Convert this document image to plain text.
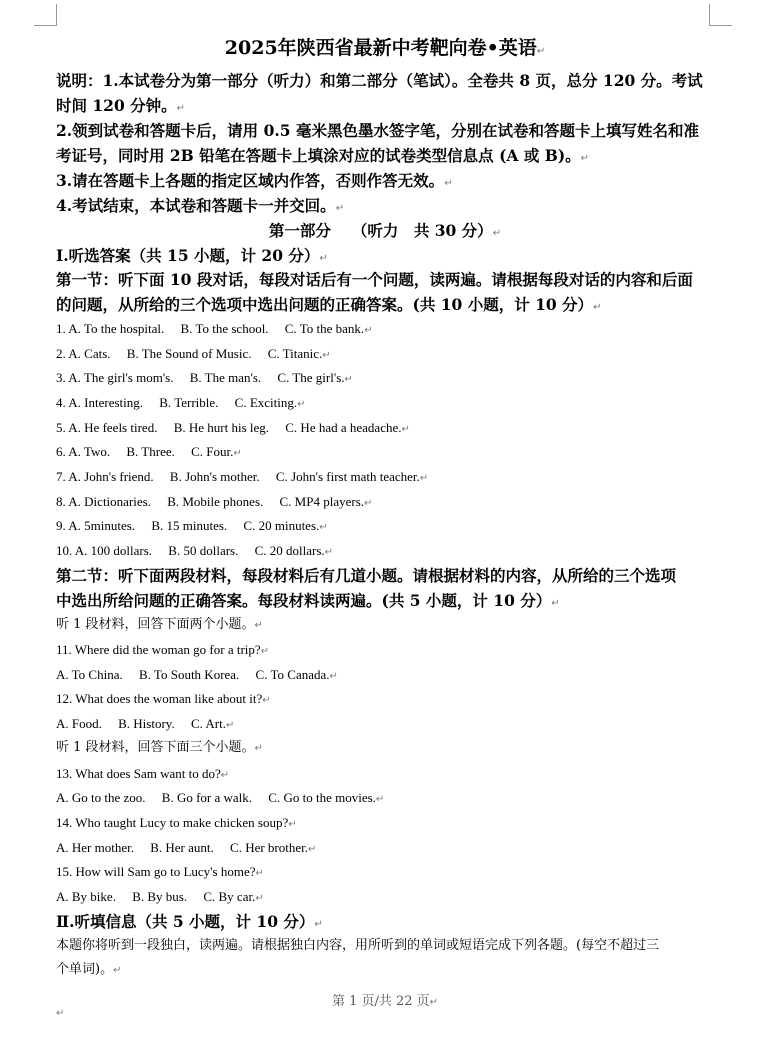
2025年陕西省最新中考靶向卷•英语↵
说明：1.本试卷分为第一部分（听力）和第二部分（笔试）。全卷共 8 页，总分 120 分。考试
时间 120 分钟。↵
2.领到试卷和答题卡后，请用 0.5 毫米黑色墨水签字笔，分别在试卷和答题卡上填写姓名和准
考证号，同时用 2B 铅笔在答题卡上填涂对应的试卷类型信息点 (A 或 B)。↵
3.请在答题卡上各题的指定区域内作答，否则作答无效。↵
4.考试结束，本试卷和答题卡一并交回。↵
第一部分　 （听力　共 30 分）↵
Ⅰ.听选答案（共 15 小题，计 20 分）↵
第一节：听下面 10 段对话，每段对话后有一个问题，读两遍。请根据每段对话的内容和后面
的问题，从所给的三个选项中选出问题的正确答案。(共 10 小题，计 10 分）↵
1. A. To the hospital.　 B. To the school.　 C. To the bank.↵
2. A. Cats.　 B. The Sound of Music.　 C. Titanic.↵
3. A. The girl's mom's.　 B. The man's.　 C. The girl's.↵
4. A. Interesting.　 B. Terrible.　 C. Exciting.↵
5. A. He feels tired.　 B. He hurt his leg.　 C. He had a headache.↵
6. A. Two.　 B. Three.　 C. Four.↵
7. A. John's friend.　 B. John's mother.　 C. John's first math teacher.↵
8. A. Dictionaries.　 B. Mobile phones.　 C. MP4 players.↵
9. A. 5minutes.　 B. 15 minutes.　 C. 20 minutes.↵
10. A. 100 dollars.　 B. 50 dollars.　 C. 20 dollars.↵
第二节：听下面两段材料，每段材料后有几道小题。请根据材料的内容，从所给的三个选项
中选出所给问题的正确答案。每段材料读两遍。(共 5 小题，计 10 分）↵
听 1 段材料，回答下面两个小题。↵
11. Where did the woman go for a trip?↵
A. To China.　 B. To South Korea.　 C. To Canada.↵
12. What does the woman like about it?↵
A. Food.　 B. History.　 C. Art.↵
听 1 段材料，回答下面三个小题。↵
13. What does Sam want to do?↵
A. Go to the zoo.　 B. Go for a walk.　 C. Go to the movies.↵
14. Who taught Lucy to make chicken soup?↵
A. Her mother.　 B. Her aunt.　 C. Her brother.↵
15. How will Sam go to Lucy's home?↵
A. By bike.　 B. By bus.　 C. By car.↵
Ⅱ.听填信息（共 5 小题，计 10 分）↵
本题你将听到一段独白，读两遍。请根据独白内容，用所听到的单词或短语完成下列各题。(每空不超过三
个单词)。↵
第 1 页/共 22 页↵
↵
